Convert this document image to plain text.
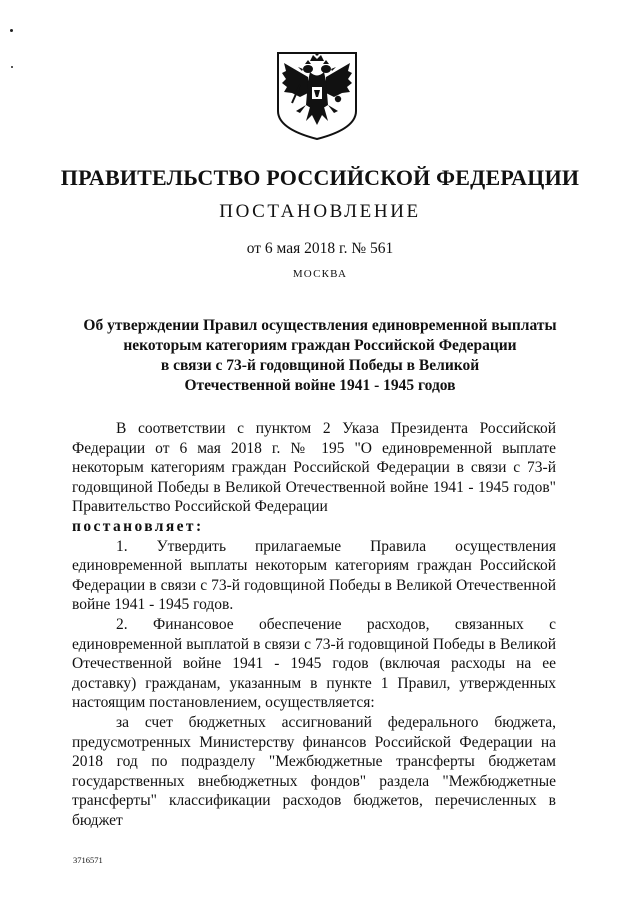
ПРАВИТЕЛЬСТВО РОССИЙСКОЙ ФЕДЕРАЦИИ
ПОСТАНОВЛЕНИЕ
от 6 мая 2018 г. № 561
МОСКВА
Об утверждении Правил осуществления единовременной выплаты
некоторым категориям граждан Российской Федерации
в связи с 73-й годовщиной Победы в Великой
Отечественной войне 1941 - 1945 годов

В соответствии с пунктом 2 Указа Президента Российской Федерации от 6 мая 2018 г. № 195 "О единовременной выплате некоторым категориям граждан Российской Федерации в связи с 73-й годовщиной Победы в Великой Отечественной войне 1941 - 1945 годов" Правительство Российской Федерации

постановляет:

1. Утвердить прилагаемые Правила осуществления единовременной выплаты некоторым категориям граждан Российской Федерации в связи с 73-й годовщиной Победы в Великой Отечественной войне 1941 - 1945 годов.

2. Финансовое обеспечение расходов, связанных с единовременной выплатой в связи с 73-й годовщиной Победы в Великой Отечественной войне 1941 - 1945 годов (включая расходы на ее доставку) гражданам, указанным в пункте 1 Правил, утвержденных настоящим постановлением, осуществляется:

за счет бюджетных ассигнований федерального бюджета, предусмотренных Министерству финансов Российской Федерации на 2018 год по подразделу "Межбюджетные трансферты бюджетам государственных внебюджетных фондов" раздела "Межбюджетные трансферты" классификации расходов бюджетов, перечисленных в бюджет

3716571
